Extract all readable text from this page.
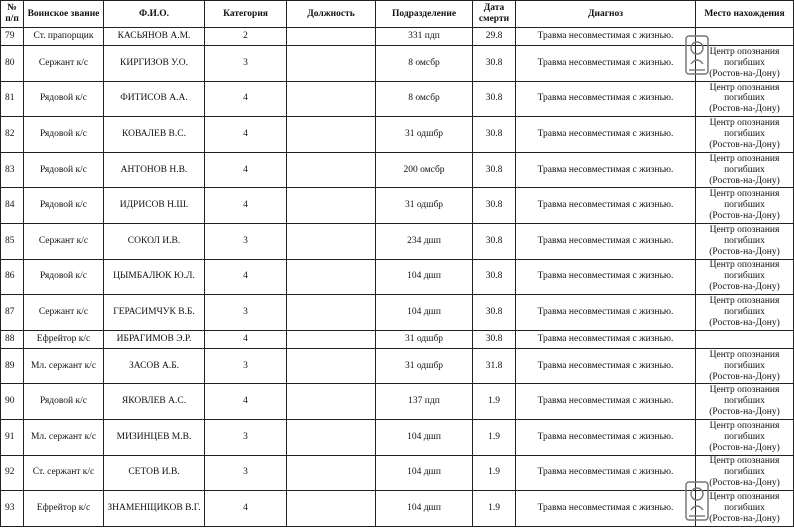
№ п/п	Воинское звание	Ф.И.О.	Категория	Должность	Подразделение	Дата смерти	Диагноз	Место нахождения
79	Ст. прапорщик	КАСЬЯНОВ А.М.	2		331 пдп	29.8	Травма несовместимая с жизнью.	
80	Сержант к/с	КИРГИЗОВ У.О.	3		8 омсбр	30.8	Травма несовместимая с жизнью.	Центр опознания
погибших
(Ростов-на-Дону)

81	Рядовой к/с	ФИТИСОВ А.А.	4		8 омсбр	30.8	Травма несовместимая с жизнью.	Центр опознания
погибших
(Ростов-на-Дону)

82	Рядовой к/с	КОВАЛЕВ В.С.	4		31 одшбр	30.8	Травма несовместимая с жизнью.	Центр опознания
погибших
(Ростов-на-Дону)

83	Рядовой к/с	АНТОНОВ Н.В.	4		200 омсбр	30.8	Травма несовместимая с жизнью.	Центр опознания
погибших
(Ростов-на-Дону)

84	Рядовой к/с	ИДРИСОВ Н.Ш.	4		31 одшбр	30.8	Травма несовместимая с жизнью.	Центр опознания
погибших
(Ростов-на-Дону)

85	Сержант к/с	СОКОЛ И.В.	3		234 дшп	30.8	Травма несовместимая с жизнью.	Центр опознания
погибших
(Ростов-на-Дону)

86	Рядовой к/с	ЦЫМБАЛЮК Ю.Л.	4		104 дшп	30.8	Травма несовместимая с жизнью.	Центр опознания
погибших
(Ростов-на-Дону)

87	Сержант к/с	ГЕРАСИМЧУК В.Б.	3		104 дшп	30.8	Травма несовместимая с жизнью.	Центр опознания
погибших
(Ростов-на-Дону)

88	Ефрейтор к/с	ИБРАГИМОВ Э.Р.	4		31 одшбр	30.8	Травма несовместимая с жизнью.	
89	Мл. сержант к/с	ЗАСОВ А.Б.	3		31 одшбр	31.8	Травма несовместимая с жизнью.	Центр опознания
погибших
(Ростов-на-Дону)

90	Рядовой к/с	ЯКОВЛЕВ А.С.	4		137 пдп	1.9	Травма несовместимая с жизнью.	Центр опознания
погибших
(Ростов-на-Дону)

91	Мл. сержант к/с	МИЗИНЦЕВ М.В.	3		104 дшп	1.9	Травма несовместимая с жизнью.	Центр опознания
погибших
(Ростов-на-Дону)

92	Ст. сержант к/с	СЕТОВ И.В.	3		104 дшп	1.9	Травма несовместимая с жизнью.	Центр опознания
погибших
(Ростов-на-Дону)

93	Ефрейтор к/с	ЗНАМЕНЩИКОВ В.Г.	4		104 дшп	1.9	Травма несовместимая с жизнью.	Центр опознания
погибших
(Ростов-на-Дону)
